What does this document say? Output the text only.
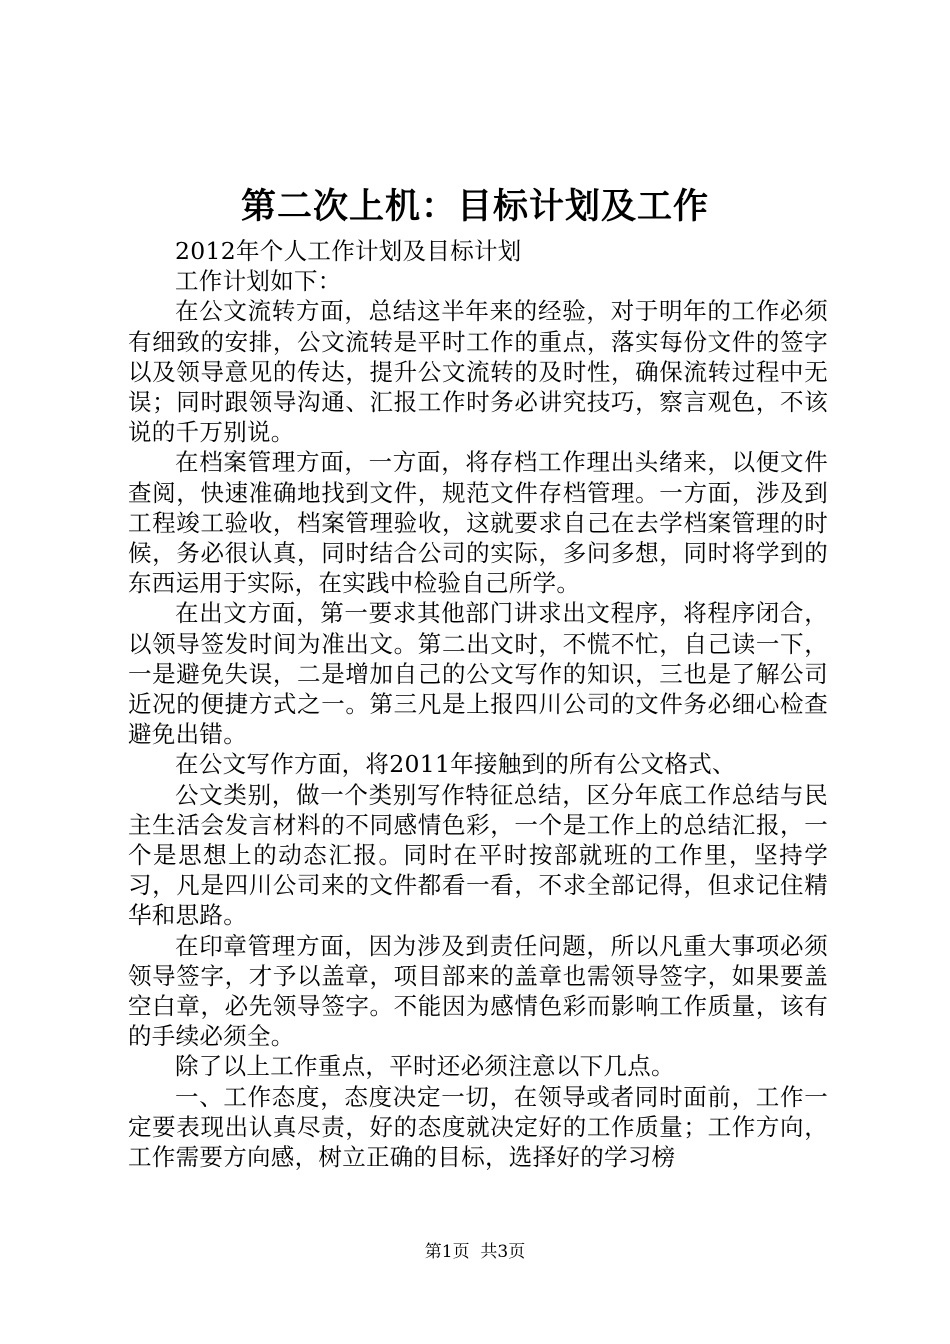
第二次上机：目标计划及工作

2012年个人工作计划及目标计划

工作计划如下：

在公文流转方面，总结这半年来的经验，对于明年的工作必须有细致的安排，公文流转是平时工作的重点，落实每份文件的签字以及领导意见的传达，提升公文流转的及时性，确保流转过程中无误；同时跟领导沟通、汇报工作时务必讲究技巧，察言观色，不该说的千万别说。

在档案管理方面，一方面，将存档工作理出头绪来，以便文件查阅，快速准确地找到文件，规范文件存档管理。一方面，涉及到工程竣工验收，档案管理验收，这就要求自己在去学档案管理的时候，务必很认真，同时结合公司的实际，多问多想，同时将学到的东西运用于实际，在实践中检验自己所学。

在出文方面，第一要求其他部门讲求出文程序，将程序闭合，以领导签发时间为准出文。第二出文时，不慌不忙，自己读一下，一是避免失误，二是增加自己的公文写作的知识，三也是了解公司近况的便捷方式之一。第三凡是上报四川公司的文件务必细心检查避免出错。

在公文写作方面，将2011年接触到的所有公文格式、

公文类别，做一个类别写作特征总结，区分年底工作总结与民主生活会发言材料的不同感情色彩，一个是工作上的总结汇报，一个是思想上的动态汇报。同时在平时按部就班的工作里，坚持学习，凡是四川公司来的文件都看一看，不求全部记得，但求记住精华和思路。

在印章管理方面，因为涉及到责任问题，所以凡重大事项必须领导签字，才予以盖章，项目部来的盖章也需领导签字，如果要盖空白章，必先领导签字。不能因为感情色彩而影响工作质量，该有的手续必须全。

除了以上工作重点，平时还必须注意以下几点。

一、工作态度，态度决定一切，在领导或者同时面前，工作一定要表现出认真尽责，好的态度就决定好的工作质量；工作方向，工作需要方向感，树立正确的目标，选择好的学习榜

第1页  共3页
